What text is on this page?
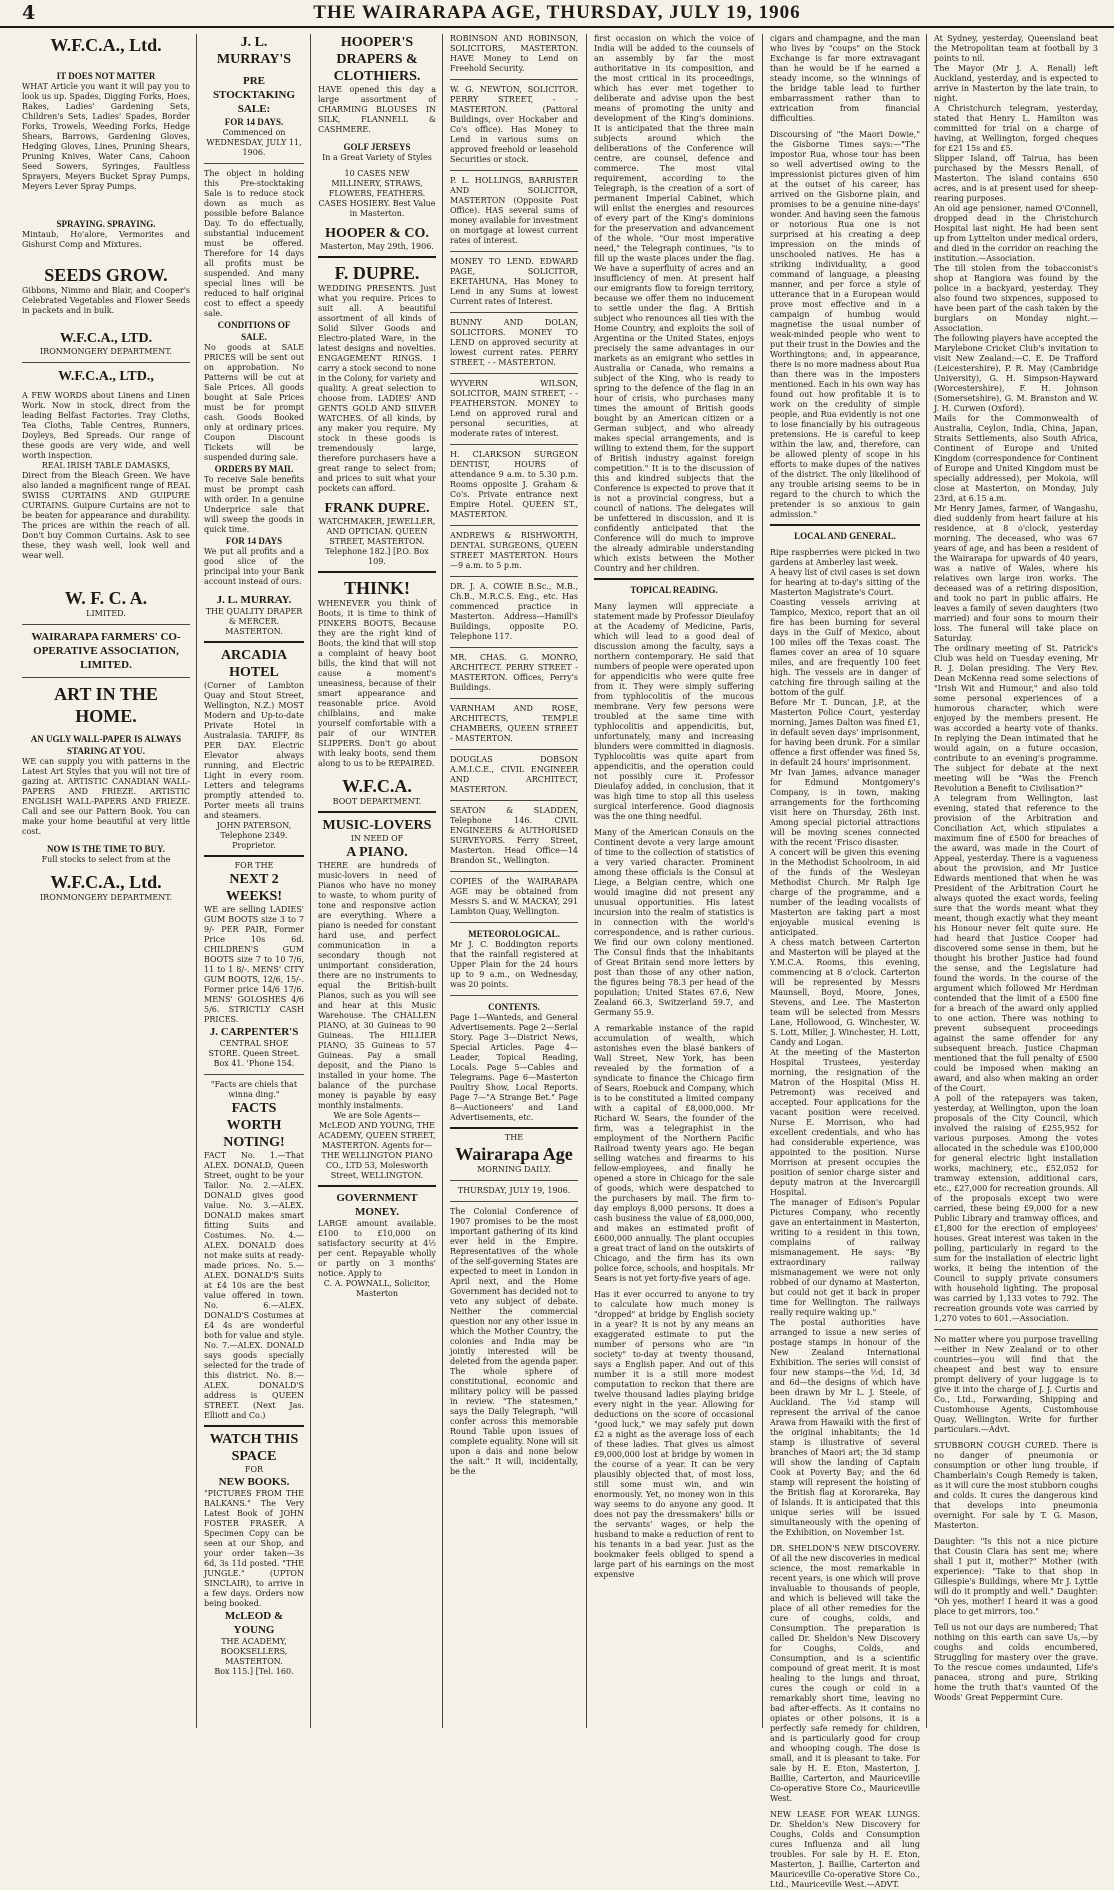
4	THE WAIRARAPA AGE, THURSDAY, JULY 19, 1906
W.F.C.A., Ltd.
IT DOES NOT MATTER
WHAT Article you want it will pay you to look us up. Spades, Digging Forks, Hoes, Rakes, Ladies' Gardening Sets, Children's Sets, Ladies' Spades, Border Forks, Trowels, Weeding Forks, Hedge Shears, Barrows, Gardening Gloves, Hedging Gloves, Lines, Pruning Shears, Pruning Knives, Water Cans, Cahoon Seed Sowers, Syringes, Faultless Sprayers, Meyers Bucket Spray Pumps, Meyers Lever Spray Pumps.
SPRAYING. SPRAYING.
Mintaub, Ho'alore, Vermorites and Gishurst Comp and Mixtures.
SEEDS GROW.
Gibbons, Nimmo and Blair, and Cooper's Celebrated Vegetables and Flower Seeds in packets and in bulk.
W.F.C.A., LTD.
IRONMONGERY DEPARTMENT.
W.F.C.A., LTD.,
A FEW WORDS about Linens and Linen Work. Now in stock, direct from the leading Belfast Factories. Tray Cloths, Tea Cloths, Table Centres, Runners, Doyleys, Bed Spreads. Our range of these goods are very wide, and well worth inspection.
REAL IRISH TABLE DAMASKS,
Direct from the Bleach Green. We have also landed a magnificent range of REAL SWISS CURTAINS AND GUIPURE CURTAINS. Guipure Curtains are not to be beaten for appearance and durability. The prices are within the reach of all. Don't buy Common Curtains. Ask to see these, they wash well, look well and wear well.
W. F. C. A.
LIMITED.
WAIRARAPA FARMERS' CO-OPERATIVE ASSOCIATION, LIMITED.
ART IN THE HOME.
AN UGLY WALL-PAPER IS ALWAYS STARING AT YOU.
WE can supply you with patterns in the Latest Art Styles that you will not tire of gazing at. ARTISTIC CANADIAN WALL-PAPERS AND FRIEZE. ARTISTIC ENGLISH WALL-PAPERS AND FRIEZE. Call and see our Pattern Book. You can make your home beautiful at very little cost.
NOW IS THE TIME TO BUY.
Full stocks to select from at the
W.F.C.A., Ltd.
IRONMONGERY DEPARTMENT.
J. L. MURRAY'S
PRE STOCKTAKING SALE:
FOR 14 DAYS.
Commenced on WEDNESDAY, JULY 11, 1906.
The object in holding this Pre-stocktaking Sale is to reduce stock down as much as possible before Balance Day. To do effectually, substantial inducement must be offered. Therefore for 14 days all profits must be suspended. And many special lines will be reduced to half original cost to effect a speedy sale.
CONDITIONS OF SALE.
No goods at SALE PRICES will be sent out on approbation. No Patterns will be cut at Sale Prices. All goods bought at Sale Prices must be for prompt cash. Goods Booked only at ordinary prices. Coupon Discount Tickets will be suspended during sale.
ORDERS BY MAIL
To receive Sale benefits must be prompt cash with order. In a genuine Underprice sale that will sweep the goods in quick time.
FOR 14 DAYS
We put all profits and a good slice of the principal into your Bank account instead of ours.
J. L. MURRAY.
THE QUALITY DRAPER & MERCER. MASTERTON.
ARCADIA HOTEL
(Corner of Lambton Quay and Stout Street, Wellington, N.Z.) MOST Modern and Up-to-date Private Hotel in Australasia. TARIFF, 8s PER DAY. Electric Elevator always running, and Electric Light in every room. Letters and telegrams promptly attended to. Porter meets all trains and steamers.
JOHN PATERSON, Telephone 2349. Proprietor.
FOR THE
NEXT 2 WEEKS!
WE are selling LADIES' GUM BOOTS size 3 to 7 9/- PER PAIR, Former Price 10s 6d. CHILDREN'S GUM BOOTS size 7 to 10 7/6, 11 to 1 8/-. MENS' CITY GUM BOOTS, 12/6, 15/-. Former price 14/6 17/6. MENS' GOLOSHES 4/6 5/6. STRICTLY CASH PRICES.
J. CARPENTER'S
CENTRAL SHOE STORE. Queen Street.
Box 41. 'Phone 154.
"Facts are chiels that winna ding."
FACTS WORTH NOTING!
FACT No. 1.—That ALEX. DONALD, Queen Street, ought to be your Tailor. No. 2.—ALEX. DONALD gives good value. No. 3.—ALEX. DONALD makes smart fitting Suits and Costumes. No. 4.—ALEX. DONALD does not make suits at ready-made prices. No. 5.—ALEX. DONALD'S Suits at £4 10s are the best value offered in town. No. 6.—ALEX. DONALD'S Costumes at £4 4s are wonderful both for value and style. No. 7.—ALEX. DONALD says goods specially selected for the trade of this district. No. 8.—ALEX. DONALD'S address is QUEEN STREET. (Next Jas. Elliott and Co.)
WATCH THIS SPACE
FOR
NEW BOOKS.
"PICTURES FROM THE BALKANS." The Very Latest Book of JOHN FOSTER FRASER. A Specimen Copy can be seen at our Shop, and your order taken—3s 6d, 3s 11d posted. "THE JUNGLE." (UPTON SINCLAIR), to arrive in a few days. Orders now being booked.
McLEOD & YOUNG
THE ACADEMY, BOOKSELLERS, MASTERTON.
Box 115.] [Tel. 160.
HOOPER'S DRAPERS & CLOTHIERS.
HAVE opened this day a large assortment of CHARMING BLOUSES IN SILK, FLANNELL & CASHMERE.
GOLF JERSEYS
In a Great Variety of Styles
10 CASES NEW MILLINERY, STRAWS, FLOWERS, FEATHERS. CASES HOSIERY. Best Value in Masterton.
HOOPER & CO.
Masterton, May 29th, 1906.
F. DUPRE.
WEDDING PRESENTS. Just what you require. Prices to suit all. A beautiful assortment of all kinds of Solid Silver Goods and Electro-plated Ware, in the latest designs and novelties. ENGAGEMENT RINGS. I carry a stock second to none in the Colony, for variety and quality. A great selection to choose from. LADIES' AND GENTS GOLD AND SILVER WATCHES. Of all kinds, by any maker you require. My stock in these goods is tremendously large, therefore purchasers have a great range to select from; and prices to suit what your pockets can afford.
FRANK DUPRE.
WATCHMAKER, JEWELLER, AND OPTICIAN. QUEEN STREET, MASTERTON.
Telephone 182.] [P.O. Box 109.
THINK!
WHENEVER you think of Boots, it is time to think of PINKERS BOOTS, Because they are the right kind of Boots, the kind that will stop a complaint of heavy boot bills, the kind that will not cause a moment's uneasiness, because of their smart appearance and reasonable price. Avoid chilblains, and make yourself comfortable with a pair of our WINTER SLIPPERS. Don't go about with leaky boots, send them along to us to be REPAIRED.
W.F.C.A.
BOOT DEPARTMENT.
MUSIC-LOVERS
IN NEED OF
A PIANO.
THERE are hundreds of music-lovers in need of Pianos who have no money to waste, to whom purity of tone and responsive action are everything. Where a piano is needed for constant hard use, and perfect communication in a secondary though not unimportant consideration, there are no instruments to equal the British-built Pianos, such as you will see and hear at this Music Warehouse. The CHALLEN PIANO, at 30 Guineas to 90 Guineas. The HILLIER PIANO, 35 Guineas to 57 Guineas. Pay a small deposit, and the Piano is installed in your home. The balance of the purchase money is payable by easy monthly instalments.
We are Sole Agents— McLEOD AND YOUNG, THE ACADEMY, QUEEN STREET, MASTERTON. Agents for— THE WELLINGTON PIANO CO., LTD 53, Molesworth Street, WELLINGTON.
GOVERNMENT MONEY.
LARGE amount available. £100 to £10,000 on satisfactory security at 4½ per cent. Repayable wholly or partly on 3 months' notice. Apply to
C. A. POWNALL, Solicitor, Masterton
ROBINSON AND ROBINSON, SOLICITORS, MASTERTON. HAVE Money to Lend on Freehold Security.
W. G. NEWTON, SOLICITOR. PERRY STREET, - - MASTERTON. (Pattoral Buildings, over Hockaber and Co's office). Has Money to Lend in various sums on approved freehold or leasehold Securities or stock.
P. L. HOLLINGS, BARRISTER AND SOLICITOR, MASTERTON (Opposite Post Office). HAS several sums of money available for investment on mortgage at lowest current rates of interest.
MONEY TO LEND. EDWARD PAGE, SOLICITOR, EKETAHUNA, Has Money to Lend in any Sums at lowest Current rates of Interest.
BUNNY AND DOLAN, SOLICITORS. MONEY TO LEND on approved security at lowest current rates. PERRY STREET, - - MASTERTON.
WYVERN WILSON, SOLICITOR, MAIN STREET, - - FEATHERSTON. MONEY to Lend on approved rural and personal securities, at moderate rates of interest.
H. CLARKSON SURGEON DENTIST, HOURS of attendance 9 a.m. to 5.30 p.m. Rooms opposite J. Graham & Co's. Private entrance next Empire Hotel. QUEEN ST., MASTERTON.
ANDREWS & RISHWORTH, DENTAL SURGEONS, QUEEN STREET MASTERTON. Hours—9 a.m. to 5 p.m.
DR. J. A. COWIE B.Sc., M.B., Ch.B., M.R.C.S. Eng., etc. Has commenced practice in Masterton. Address—Hamill's Buildings, opposite P.O. Telephone 117.
MR. CHAS. G. MONRO, ARCHITECT. PERRY STREET - MASTERTON. Offices, Perry's Buildings.
VARNHAM AND ROSE, ARCHITECTS, TEMPLE CHAMBERS, QUEEN STREET - MASTERTON.
DOUGLAS DOBSON A.M.I.C.E., CIVIL ENGINEER AND ARCHITECT, MASTERTON.
SEATON & SLADDEN, Telephone 146. CIVIL ENGINEERS & AUTHORISED SURVEYORS. Ferry Street, Masterton. Head Office—14 Brandon St., Wellington.
COPIES of the WAIRARAPA AGE may be obtained from Messrs S. and W. MACKAY, 291 Lambton Quay, Wellington.
METEOROLOGICAL.
Mr J. C. Boddington reports that the rainfall registered at Upper Plain for the 24 hours up to 9 a.m., on Wednesday, was 20 points.
CONTENTS.
Page 1—Wanteds, and General Advertisements. Page 2—Serial Story. Page 3—District News, Special Articles. Page 4—Leader, Topical Reading, Locals. Page 5—Cables and Telegrams. Page 6—Masterton Poultry Show, Local Reports. Page 7—"A Strange Bet." Page 8—Auctioneers' and Land Advertisements, etc.
THE
Wairarapa Age
MORNING DAILY.
THURSDAY, JULY 19, 1906.
The Colonial Conference of 1907 promises to be the most important gathering of its kind ever held in the Empire. Representatives of the whole of the self-governing States are expected to meet in London in April next, and the Home Government has decided not to veto any subject of debate. Neither the commercial question nor any other issue in which the Mother Country, the colonies and India may be jointly interested will be deleted from the agenda paper. The whole sphere of constitutional, economic and military policy will be passed in review. "The statesmen," says the Daily Telegraph, "will confer across this memorable Round Table upon issues of complete equality. None will sit upon a dais and none below the salt." It will, incidentally, be the
first occasion on which the voice of India will be added to the counsels of an assembly by far the most authoritative in its composition, and the most critical in its proceedings, which has ever met together to deliberate and advise upon the best means of promoting the unity and development of the King's dominions. It is anticipated that the three main subjects around which the deliberations of the Conference will centre, are counsel, defence and commerce. The most vital requirement, according to the Telegraph, is the creation of a sort of permanent Imperial Cabinet, which will enlist the energies and resources of every part of the King's dominions for the preservation and advancement of the whole. "Our most imperative need," the Telegraph continues, "is to fill up the waste places under the flag. We have a superfluity of acres and an insufficiency of men. At present half our emigrants flow to foreign territory, because we offer them no inducement to settle under the flag. A British subject who renounces all ties with the Home Country, and exploits the soil of Argentina or the United States, enjoys precisely the same advantages in our markets as an emigrant who settles in Australia or Canada, who remains a subject of the King, who is ready to spring to the defence of the flag in an hour of crisis, who purchases many times the amount of British goods bought by an American citizen or a German subject, and who already makes special arrangements, and is willing to extend them, for the support of British industry against foreign competition." It is to the discussion of this and kindred subjects that the Conference is expected to prove that it is not a provincial congress, but a council of nations. The delegates will be unfettered in discussion, and it is confidently anticipated that the Conference will do much to improve the already admirable understanding which exists between the Mother Country and her children.
TOPICAL READING.
Many laymen will appreciate a statement made by Professor Dieulafoy at the Academy of Medicine, Paris, which will lead to a good deal of discussion among the faculty, says a northern contemporary. He said that numbers of people were operated upon for appendicitis who were quite free from it. They were simply suffering from typhlocolitis of the mucous membrane. Very few persons were troubled at the same time with typhlocolitis and appendicitis, but, unfortunately, many and increasing blunders were committed in diagnosis. Typhlocolitis was quite apart from appendicitis, and the operation could not possibly cure it. Professor Dieulafoy added, in conclusion, that it was high time to stop all this useless surgical interference. Good diagnosis was the one thing needful.
Many of the American Consuls on the Continent devote a very large amount of time to the collection of statistics of a very varied character. Prominent among these officials is the Consul at Liege, a Belgian centre, which one would imagine did not present any unusual opportunities. His latest incursion into the realm of statistics is in connection with the world's correspondence, and is rather curious. We find our own colony mentioned. The Consul finds that the inhabitants of Great Britain send more letters by post than those of any other nation, the figures being 78.3 per head of the population; United States 67.6, New Zealand 66.3, Switzerland 59.7, and Germany 55.9.
A remarkable instance of the rapid accumulation of wealth, which astonishes even the blasé bankers of Wall Street, New York, has been revealed by the formation of a syndicate to finance the Chicago firm of Sears, Roebuck and Company, which is to be constituted a limited company with a capital of £8,000,000. Mr Richard W. Sears, the founder of the firm, was a telegraphist in the employment of the Northern Pacific Railroad twenty years ago. He began selling watches and firearms to his fellow-employees, and finally he opened a store in Chicago for the sale of goods, which were despatched to the purchasers by mail. The firm to-day employs 8,000 persons. It does a cash business the value of £8,000,000, and makes an estimated profit of £600,000 annually. The plant occupies a great tract of land on the outskirts of Chicago, and the firm has its own police force, schools, and hospitals. Mr Sears is not yet forty-five years of age.
Has it ever occurred to anyone to try to calculate how much money is "dropped" at bridge by English society in a year? It is not by any means an exaggerated estimate to put the number of persons who are "in society" to-day at twenty thousand, says a English paper. And out of this number it is a still more modest computation to reckon that there are twelve thousand ladies playing bridge every night in the year. Allowing for deductions on the score of occasional "good luck," we may safely put down £2 a night as the average loss of each of these ladies. That gives us almost £9,000,000 lost at bridge by women in the course of a year. It can be very plausibly objected that, of most loss, still some must win, and win enormously. Yet, no money won in this way seems to do anyone any good. It does not pay the dressmakers' bills or the servants' wages, or help the husband to make a reduction of rent to his tenants in a bad year. Just as the bookmaker feels obliged to spend a large part of his earnings on the most expensive
cigars and champagne, and the man who lives by "coups" on the Stock Exchange is far more extravagant than he would be if he earned a steady income, so the winnings of the bridge table lead to further embarrassment rather than to extrication from financial difficulties.
Discoursing of "the Maori Dowie," the Gisborne Times says:—"The impostor Rua, whose tour has been so well advertised owing to the impressionist pictures given of him at the outset of his career, has arrived on the Gisborne plain, and promises to be a genuine nine-days' wonder. And having seen the famous or notorious Rua one is not surprised at his creating a deep impression on the minds of unschooled natives. He has a striking individuality, a good command of language, a pleasing manner, and per force a style of utterance that in a European would prove most effective and in a campaign of humbug would magnetise the usual number of weak-minded people who went to put their trust in the Dowies and the Worthingtons; and, in appearance, there is no more madness about Rua than there was in the imposters mentioned. Each in his own way has found out how profitable it is to work on the credulity of simple people, and Rua evidently is not one to lose financially by his outrageous pretensions. He is careful to keep within the law, and, therefore, can be allowed plenty of scope in his efforts to make dupes of the natives of the district. The only likelihood of any trouble arising seems to be in regard to the church to which the pretender is so anxious to gain admission."
LOCAL AND GENERAL.
Ripe raspberries were picked in two gardens at Amberley last week.
A heavy list of civil cases is set down for hearing at to-day's sitting of the Masterton Magistrate's Court.
Coasting vessels arriving at Tampico, Mexico, report that an oil fire has been burning for several days in the Gulf of Mexico, about 100 miles off the Texas coast. The flames cover an area of 10 square miles, and are frequently 100 feet high. The vessels are in danger of catching fire through sailing at the bottom of the gulf.
Before Mr T. Duncan, J.P., at the Masterton Police Court, yesterday morning, James Dalton was fined £1, in default seven days' imprisonment, for having been drunk. For a similar offence a first offender was fined 5s, in default 24 hours' imprisonment.
Mr Ivan James, advance manager for Edmund Montgomery's Company, is in town, making arrangements for the forthcoming visit here on Thursday, 26th inst. Among special pictorial attractions will be moving scenes connected with the recent 'Frisco disaster.
A concert will be given this evening in the Methodist Schoolroom, in aid of the funds of the Wesleyan Methodist Church. Mr Ralph Ige charge of the programme, and a number of the leading vocalists of Masterton are taking part a most enjoyable musical evening is anticipated.
A chess match between Carterton and Masterton will be played at the Y.M.C.A. Rooms, this evening, commencing at 8 o'clock. Carterton will be represented by Messrs Maunsell, Boyd, Moore, Jones, Stevens, and Lee. The Masterton team will be selected from Messrs Lane, Hollowood, G. Winchester, W. S. Lott, Miller, J. Winchester, H. Lott, Candy and Logan.
At the meeting of the Masterton Hospital Trustees, yesterday morning, the resignation of the Matron of the Hospital (Miss H. Petremont) was received and accepted. Four applications for the vacant position were received. Nurse E. Morrison, who had excellent credentials, and who has had considerable experience, was appointed to the position. Nurse Morrison at present occupies the position of senior charge sister and deputy matron at the Invercargill Hospital.
The manager of Edison's Popular Pictures Company, who recently gave an entertainment in Masterton, writing to a resident in this town, complains of railway mismanagement. He says: "By extraordinary railway mismanagement we were not only robbed of our dynamo at Masterton, but could not get it back in proper time for Wellington. The railways really require waking up."
The postal authorities have arranged to issue a new series of postage stamps in honour of the New Zealand International Exhibition. The series will consist of four new stamps—the ½d, 1d, 3d and 6d—the designs of which have been drawn by Mr L. J. Steele, of Auckland. The ½d stamp will represent the arrival of the canoe Arawa from Hawaiki with the first of the original inhabitants; the 1d stamp is illustrative of several branches of Maori art; the 3d stamp will show the landing of Captain Cook at Poverty Bay; and the 6d stamp will represent the hoisting of the British flag at Kororareka, Bay of Islands. It is anticipated that this unique series will be issued simultaneously with the opening of the Exhibition, on November 1st.
DR. SHELDON'S NEW DISCOVERY. Of all the new discoveries in medical science, the most remarkable in recent years, is one which will prove invaluable to thousands of people, and which is believed will take the place of all other remedies for the cure of coughs, colds, and Consumption. The preparation is called Dr. Sheldon's New Discovery for Coughs, Colds, and Consumption, and is a scientific compound of great merit. It is most healing to the lungs and throat, cures the cough or cold in a remarkably short time, leaving no bad after-effects. As it contains no opiates or other poisons, it is a perfectly safe remedy for children, and is particularly good for croup and whooping cough. The dose is small, and it is pleasant to take. For sale by H. E. Eton, Masterton, J. Baillie, Carterton, and Mauriceville Co-operative Store Co., Mauriceville West.
NEW LEASE FOR WEAK LUNGS. Dr. Sheldon's New Discovery for Coughs, Colds and Consumption cures Influenza and all lung troubles. For sale by H. E. Eton, Masterton, J. Baillie, Carterton and Mauriceville Co-operative Store Co., Ltd., Mauriceville West.—ADVT.
At Sydney, yesterday, Queensland beat the Metropolitan team at football by 3 points to nil.
The Mayor (Mr J. A. Renall) left Auckland, yesterday, and is expected to arrive in Masterton by the late train, to night.
A Christchurch telegram, yesterday, stated that Henry L. Hamilton was committed for trial on a charge of having, at Wellington, forged cheques for £21 15s and £5.
Slipper Island, off Tairua, has been purchased by the Messrs Renall, of Masterton. The island contains 650 acres, and is at present used for sheep-rearing purposes.
An old age pensioner, named O'Connell, dropped dead in the Christchurch Hospital last night. He had been sent up from Lyttelton under medical orders, and died in the corridor on reaching the institution.—Association.
The till stolen from the tobacconist's shop at Rangiora was found by the police in a backyard, yesterday. They also found two sixpences, supposed to have been part of the cash taken by the burglars on Monday night.—Association.
The following players have accepted the Marylebone Cricket Club's invitation to visit New Zealand:—C. E. De Trafford (Leicestershire), P. R. May (Cambridge University), G. H. Simpson-Hayward (Worcestershire), F. H. Johnson (Somersetshire), G. M. Branston and W. J. H. Curwen (Oxford).
Mails for the Commonwealth of Australia, Ceylon, India, China, Japan, Straits Settlements, also South Africa, Continent of Europe and United Kingdom (correspondence for Continent of Europe and United Kingdom must be specially addressed), per Mokoia, will close at Masterton, on Monday, July 23rd, at 6.15 a.m.
Mr Henry James, farmer, of Wangashu, died suddenly from heart failure at his residence, at 8 o'clock, yesterday morning. The deceased, who was 67 years of age, and has been a resident of the Wairarapa for upwards of 40 years, was a native of Wales, where his relatives own large iron works. The deceased was of a retiring disposition, and took no part in public affairs. He leaves a family of seven daughters (two married) and four sons to mourn their loss. The funeral will take place on Saturday.
The ordinary meeting of St. Patrick's Club was held on Tuesday evening, Mr R. J. Dolan presiding. The Very Rev. Dean McKenna read some selections of "Irish Wit and Humour," and also told some personal experiences of a humorous character, which were enjoyed by the members present. He was accorded a hearty vote of thanks. In replying the Dean intimated that he would again, on a future occasion, contribute to an evening's programme. The subject for debate at the next meeting will be "Was the French Revolution a Benefit to Civilisation?"
A telegram from Wellington, last evening, stated that reference to the provision of the Arbitration and Conciliation Act, which stipulates a maximum fine of £500 for breaches of the award, was made in the Court of Appeal, yesterday. There is a vagueness about the provision, and Mr Justice Edwards mentioned that when he was President of the Arbitration Court he always quoted the exact words, feeling sure that the words meant what they meant, though exactly what they meant his Honour never felt quite sure. He had heard that Justice Cooper had discovered some sense in them, but he thought his brother Justice had found the sense, and the Legislature had found the words. In the course of the argument which followed Mr Herdman contended that the limit of a £500 fine for a breach of the award only applied to one action. There was nothing to prevent subsequent proceedings against the same offender for any subsequent breach. Justice Chapman mentioned that the full penalty of £500 could be imposed when making an award, and also when making an order of the Court.
A poll of the ratepayers was taken, yesterday, at Wellington, upon the loan proposals of the City Council, which involved the raising of £255,952 for various purposes. Among the votes allocated in the schedule was £100,000 for general electric light installation works, machinery, etc., £52,052 for tramway extension, additional cars, etc., £27,000 for recreation grounds. All of the proposals except two were carried, these being £9,000 for a new Public Library and tramway offices, and £1,800 for the erection of employees' houses. Great interest was taken in the polling, particularly in regard to the sum for the installation of electric light works, it being the intention of the Council to supply private consumers with household lighting. The proposal was carried by 1,133 votes to 792. The recreation grounds vote was carried by 1,270 votes to 601.—Association.
No matter where you purpose travelling—either in New Zealand or to other countries—you will find that the cheapest and best way to ensure prompt delivery of your luggage is to give it into the charge of J. J. Curtis and Co., Ltd., Forwarding, Shipping and Customhouse Agents, Customhouse Quay, Wellington. Write for further particulars.—Advt.
STUBBORN COUGH CURED. There is no danger of pneumonia or consumption or other lung trouble, if Chamberlain's Cough Remedy is taken, as it will cure the most stubborn coughs and colds. It cures the dangerous kind that develops into pneumonia overnight. For sale by T. G. Mason, Masterton.
Daughter: "Is this not a nice picture that Cousin Clara has sent me; where shall I put it, mother?" Mother (with experience): "Take to that shop in Gillespie's Buildings, where Mr J. Lyttle will do it promptly and well." Daughter: "Oh yes, mother! I heard it was a good place to get mirrors, too."
Tell us not our days are numbered; That nothing on this earth can save Us,—by coughs and colds encumbered, Struggling for mastery over the grave. To the rescue comes undaunted, Life's panacea, strong and pure, Striking home the truth that's vaunted Of the Woods' Great Peppermint Cure.
